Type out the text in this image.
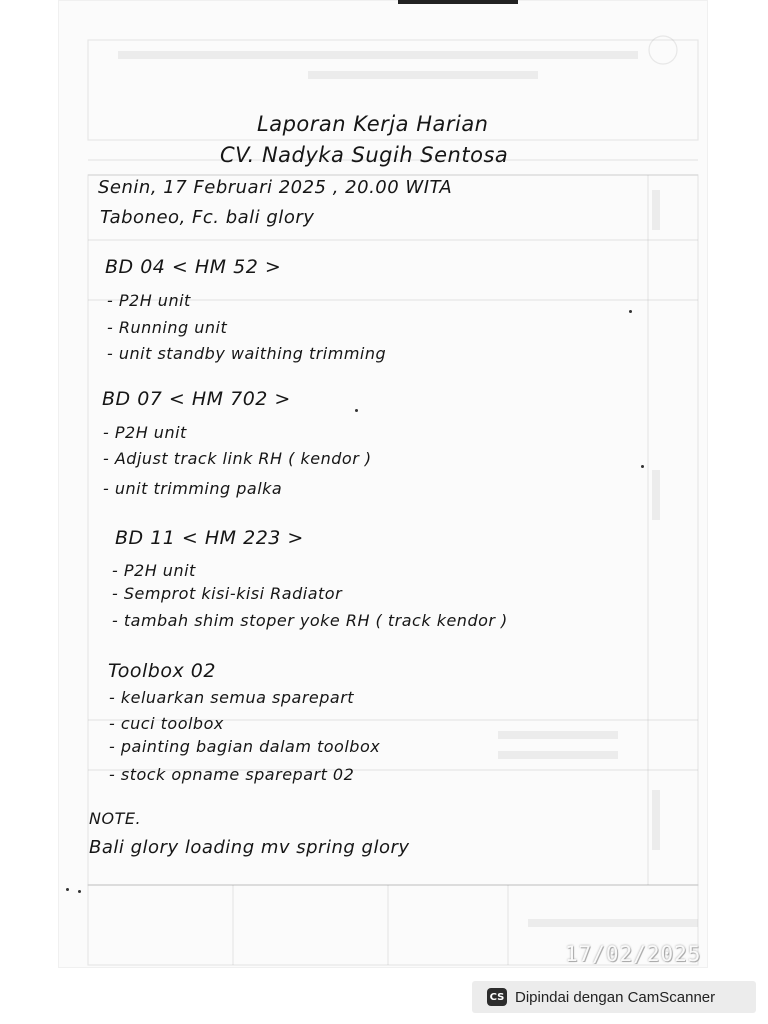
Laporan Kerja Harian
CV. Nadyka Sugih Sentosa
Senin, 17 Februari 2025 , 20.00 WITA
Taboneo, Fc. bali glory
BD 04 < HM 52 >
- P2H unit
- Running unit
- unit standby waithing trimming
BD 07 < HM 702 >
- P2H unit
- Adjust track link RH ( kendor )
- unit trimming palka
BD 11 < HM 223 >
- P2H unit
- Semprot kisi-kisi Radiator
- tambah shim stoper yoke RH ( track kendor )
Toolbox 02
- keluarkan semua sparepart
- cuci toolbox
- painting bagian dalam toolbox
- stock opname sparepart 02
NOTE.
Bali glory loading mv spring glory
17/02/2025
CS Dipindai dengan CamScanner
